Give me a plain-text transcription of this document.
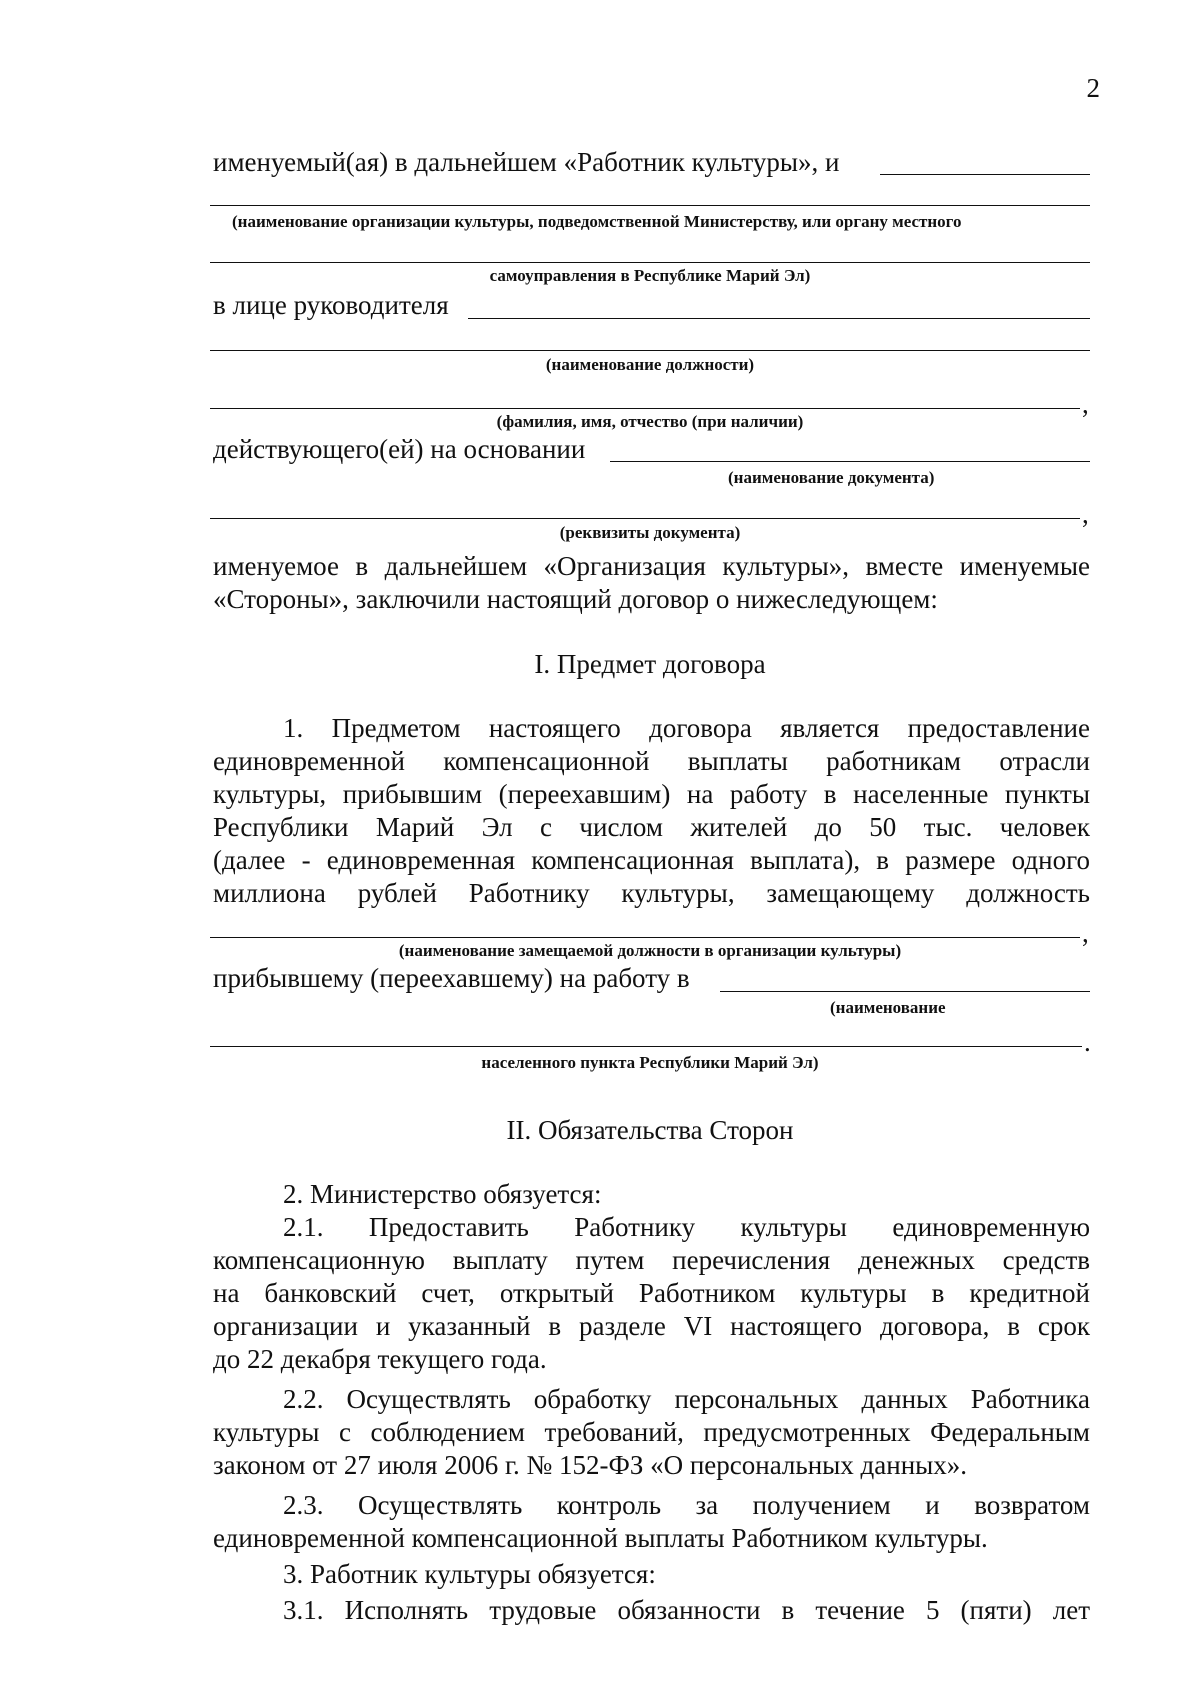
2
именуемый(ая) в дальнейшем «Работник культуры», и
(наименование организации культуры, подведомственной Министерству, или органу местного
самоуправления в Республике Марий Эл)
в лице руководителя
(наименование должности)
,
(фамилия, имя, отчество (при наличии)
действующего(ей) на основании
(наименование документа)
,
(реквизиты документа)
именуемое в дальнейшем «Организация культуры», вместе именуемые
«Стороны», заключили настоящий договор о нижеследующем:
I. Предмет договора
1. Предметом настоящего договора является предоставление
единовременной компенсационной выплаты работникам отрасли
культуры, прибывшим (переехавшим) на работу в населенные пункты
Республики Марий Эл с числом жителей до 50 тыс. человек
(далее - единовременная компенсационная выплата), в размере одного
миллиона рублей Работнику культуры, замещающему должность
,
(наименование замещаемой должности в организации культуры)
прибывшему (переехавшему) на работу в
(наименование
.
населенного пункта Республики Марий Эл)
II. Обязательства Сторон
2. Министерство обязуется:
2.1. Предоставить Работнику культуры единовременную
компенсационную выплату путем перечисления денежных средств
на банковский счет, открытый Работником культуры в кредитной
организации и указанный в разделе VI настоящего договора, в срок
до 22 декабря текущего года.
2.2. Осуществлять обработку персональных данных Работника
культуры с соблюдением требований, предусмотренных Федеральным
законом от 27 июля 2006 г. № 152-ФЗ «О персональных данных».
2.3. Осуществлять контроль за получением и возвратом
единовременной компенсационной выплаты Работником культуры.
3. Работник культуры обязуется:
3.1. Исполнять трудовые обязанности в течение 5 (пяти) лет
